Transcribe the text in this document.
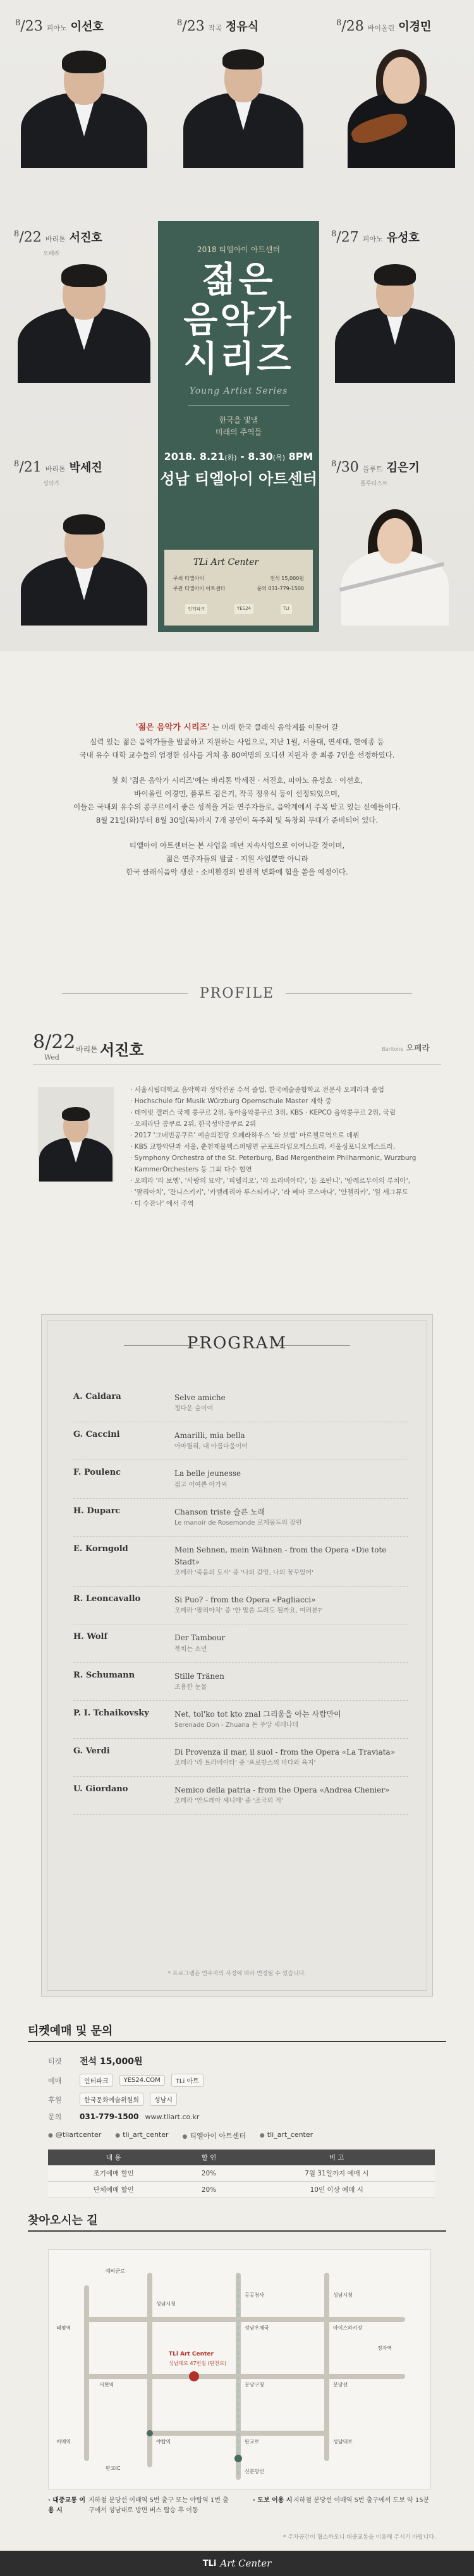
$^8$/23 피아노 이선호	$^8$/23 작곡 정유식	$^8$/28 바이올린 이경민
$^8$/22 바리톤 서진호
오페라
$^8$/27 피아노 유성호
$^8$/21 바리톤 박세진
성악가
$^8$/30 플루트 김은기
플루티스트
2018 티엘아이 아트센터
젊은
음악가
시리즈
Young Artist Series
한국을 빛낼
미래의 주역들
2018. 8.21(화) - 8.30(목) 8PM
성남 티엘아이 아트센터
TLi Art Center
주최 티엘아이	전석 15,000원
주관 티엘아이 아트센터	문의 031-779-1500
인터파크	YES24	TLi

'젊은 음악가 시리즈' 는 미래 한국 클래식 음악계를 이끌어 갈
실력 있는 젊은 음악가들을 발굴하고 지원하는 사업으로, 지난 1월, 서울대, 연세대, 한예종 등
국내 유수 대학 교수들의 엄정한 심사를 거쳐 총 80여명의 오디션 지원자 중 최종 7인을 선정하였다.

첫 회 '젊은 음악가 시리즈'에는 바리톤 박세진 · 서진호, 피아노 유성호 · 이선호,
바이올린 이경민, 플루트 김은기, 작곡 정유식 등이 선정되었으며,
이들은 국내외 유수의 콩쿠르에서 좋은 성적을 거둔 연주자들로, 음악계에서 주목 받고 있는 신예들이다.
8월 21일(화)부터 8월 30일(목)까지 7개 공연이 독주회 및 독창회 무대가 준비되어 있다.

티엘아이 아트센터는 본 사업을 매년 지속사업으로 이어나갈 것이며,
젊은 연주자들의 발굴 · 지원 사업뿐만 아니라
한국 클래식음악 생산 · 소비환경의 발전적 변화에 힘을 쏟을 예정이다.

PROFILE
8/22
Wed
바리톤 서진호	Baritone 오페라
· 서울시립대학교 음악학과 성악전공 수석 졸업, 한국예술종합학교 전문사 오페라과 졸업
· Hochschule für Musik Würzburg Opernschule Master 재학 중
· 데이빗 갤러스 국제 콩쿠르 2위, 동아음악콩쿠르 3위, KBS · KEPCO 음악콩쿠르 2위, 국립
· 오페라단 콩쿠르 2위, 한국성악콩쿠르 2위
· 2017 '그네빈공쿠르' 예술의전당 오페라하우스 '라 보엠' 마르첼로역으로 데뷔
· KBS 교향악단과 서울, 춘천제물엑스퍼탱면 군포프라임오케스트라, 서울심포니오케스트라,
· Symphony Orchestra of the St. Peterburg, Bad Mergentheim Philharmonic, Wurzburg
· KammerOrchesters 등 그외 다수 협연
· 오페라 '라 보엠', '사랑의 묘약', '피델리오', '라 트라비아타', '돈 조반니', '방레르무어의 루치아',
· '팔리아치', '잔니스키키', '카벨레리아 루스티카나', '라 베마 코스마나', '안젤리카', '일 세그뮤도
· 디 수잔나' 에서 주역
PROGRAM
A. Caldara	Selve amiche
정다운 숲이여
G. Caccini	Amarilli, mia bella
아마릴리, 내 아름다움이여
F. Poulenc	La belle jeunesse
젊고 어여쁜 아가씨
H. Duparc	Chanson triste 슬픈 노래
Le manoir de Rosemonde 로제몽드의 장원
E. Korngold	Mein Sehnen, mein Wähnen - from the Opera «Die tote Stadt»
오페라 '죽음의 도시' 중 '나의 갈망, 나의 꿈꾸었어'
R. Leoncavallo	Si Puo? - from the Opera «Pagliacci»
오페라 '팔리아치' 중 '한 말씀 드려도 될까요, 여러분?'
H. Wolf	Der Tambour
북치는 소년
R. Schumann	Stille Tränen
조용한 눈물
P. I. Tchaikovsky	Net, tol'ko tot kto znal 그리움을 아는 사람만이
Serenade Don - Zhuana 돈 주앙 세레나데
G. Verdi	Di Provenza il mar, il suol - from the Opera «La Traviata»
오페라 '라 트라비아타' 중 '프로방스의 바다와 육지'
U. Giordano	Nemico della patria - from the Opera «Andrea Chenier»
오페라 '안드레아 셰니에' 중 '조국의 적'
* 프로그램은 연주자의 사정에 따라 변경될 수 있습니다.
티켓예매 및 문의
티켓	전석 15,000원
예매	인터파크	YES24.COM	TLi 아트
후원	한국문화예술위원회	성남시
문의	031-779-1500 www.tliart.co.kr
● @tliartcenter	● tli_art_center	● 티엘아이 아트센터	● tli_art_center
내 용	할 인	비 고
조기예매 할인	20%	7월 31일까지 예매 시
단체예매 할인	20%	10인 이상 예매 시
찾아오시는 길
예비군로
성남시청
공공청사	성남시청
태평역	성남우체국	아이스하키장
서현역	분당구청
이매역
판교IC
야탑역	판교로
분당선
성남대로
신분당선
정자역
TLi Art Center
성남대로 47번길 (탄천로)
· 대중교통 이용 시지하철 분당선 이매역 5번 출구 또는 야탑역 1번 출구에서 성남대로 방면 버스 탑승 후 이동
· 도보 이용 시지하철 분당선 이매역 5번 출구에서 도보 약 15분
* 주차공간이 협소하오니 대중교통을 이용해 주시기 바랍니다.
TLi Art Center
